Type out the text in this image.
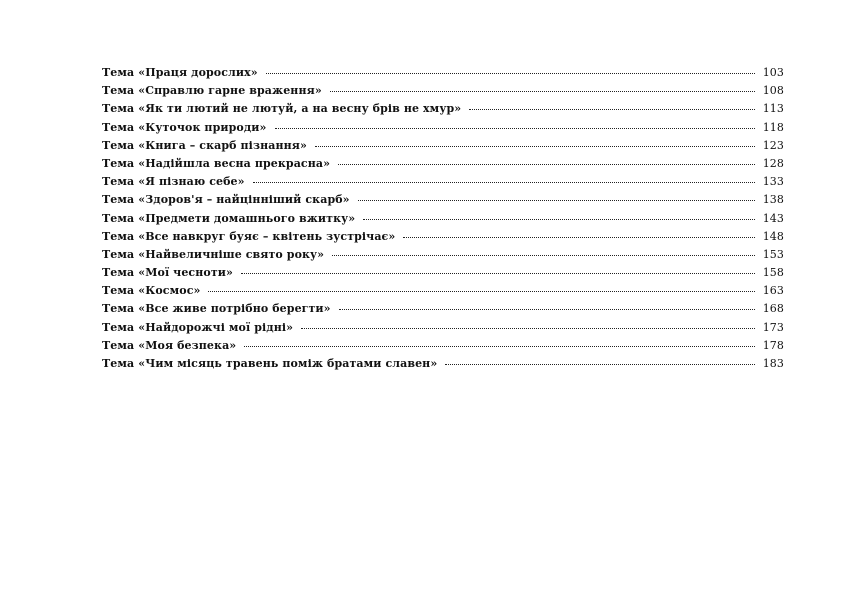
Тема «Праця дорослих»	103
Тема «Справлю гарне враження»	108
Тема «Як ти лютий не лютуй, а на весну брів не хмур»	113
Тема «Куточок природи»	118
Тема «Книга – скарб пізнання»	123
Тема «Надійшла весна прекрасна»	128
Тема «Я пізнаю себе»	133
Тема «Здоров'я – найцінніший скарб»	138
Тема «Предмети домашнього вжитку»	143
Тема «Все навкруг буяє – квітень зустрічає»	148
Тема «Найвеличніше свято року»	153
Тема «Мої чесноти»	158
Тема «Космос»	163
Тема «Все живе потрібно берегти»	168
Тема «Найдорожчі мої рідні»	173
Тема «Моя безпека»	178
Тема «Чим місяць травень поміж братами славен»	183
